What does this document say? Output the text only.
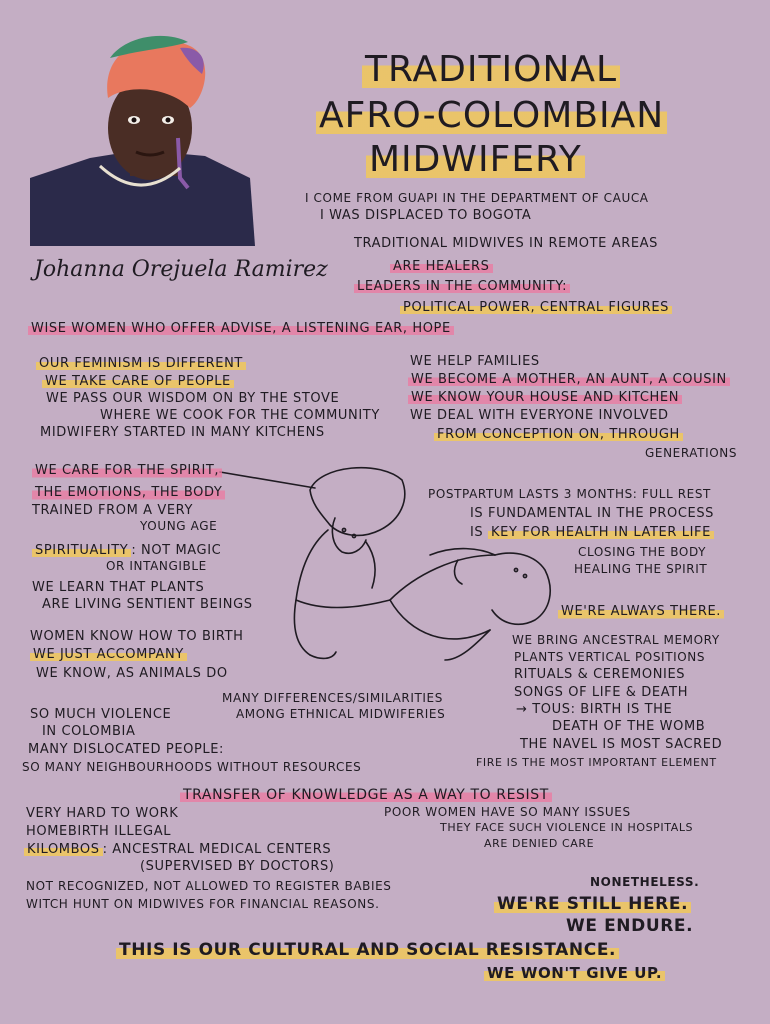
Johanna Orejuela Ramirez
TRADITIONAL
AFRO-COLOMBIAN
MIDWIFERY
I COME FROM GUAPI IN THE DEPARTMENT OF CAUCA
I WAS DISPLACED TO BOGOTA
TRADITIONAL MIDWIVES IN REMOTE AREAS
ARE HEALERS
LEADERS IN THE COMMUNITY:
POLITICAL POWER, CENTRAL FIGURES
WISE WOMEN WHO OFFER ADVISE, A LISTENING EAR, HOPE
OUR FEMINISM IS DIFFERENT
WE TAKE CARE OF PEOPLE
WE PASS OUR WISDOM ON BY THE STOVE
WHERE WE COOK FOR THE COMMUNITY
MIDWIFERY STARTED IN MANY KITCHENS
WE HELP FAMILIES
WE BECOME A MOTHER, AN AUNT, A COUSIN
WE KNOW YOUR HOUSE AND KITCHEN
WE DEAL WITH EVERYONE INVOLVED
FROM CONCEPTION ON, THROUGH
GENERATIONS
WE CARE FOR THE SPIRIT,
THE EMOTIONS, THE BODY
TRAINED FROM A VERY
YOUNG AGE
SPIRITUALITY : NOT MAGIC
OR INTANGIBLE
WE LEARN THAT PLANTS
ARE LIVING SENTIENT BEINGS
WOMEN KNOW HOW TO BIRTH
WE JUST ACCOMPANY
WE KNOW, AS ANIMALS DO
POSTPARTUM LASTS 3 MONTHS: FULL REST
IS FUNDAMENTAL IN THE PROCESS
IS KEY FOR HEALTH IN LATER LIFE
CLOSING THE BODY
HEALING THE SPIRIT
WE'RE ALWAYS THERE.
WE BRING ANCESTRAL MEMORY
PLANTS VERTICAL POSITIONS
RITUALS & CEREMONIES
SONGS OF LIFE & DEATH
→ TOUS: BIRTH IS THE
DEATH OF THE WOMB
THE NAVEL IS MOST SACRED
FIRE IS THE MOST IMPORTANT ELEMENT
MANY DIFFERENCES/SIMILARITIES
AMONG ETHNICAL MIDWIFERIES
SO MUCH VIOLENCE
IN COLOMBIA
MANY DISLOCATED PEOPLE:
SO MANY NEIGHBOURHOODS WITHOUT RESOURCES
TRANSFER OF KNOWLEDGE AS A WAY TO RESIST
VERY HARD TO WORK
HOMEBIRTH ILLEGAL
KILOMBOS : ANCESTRAL MEDICAL CENTERS
(SUPERVISED BY DOCTORS)
NOT RECOGNIZED, NOT ALLOWED TO REGISTER BABIES
WITCH HUNT ON MIDWIVES FOR FINANCIAL REASONS.
POOR WOMEN HAVE SO MANY ISSUES
THEY FACE SUCH VIOLENCE IN HOSPITALS
ARE DENIED CARE
NONETHELESS.
WE'RE STILL HERE.
WE ENDURE.
THIS IS OUR CULTURAL AND SOCIAL RESISTANCE.
WE WON'T GIVE UP.
